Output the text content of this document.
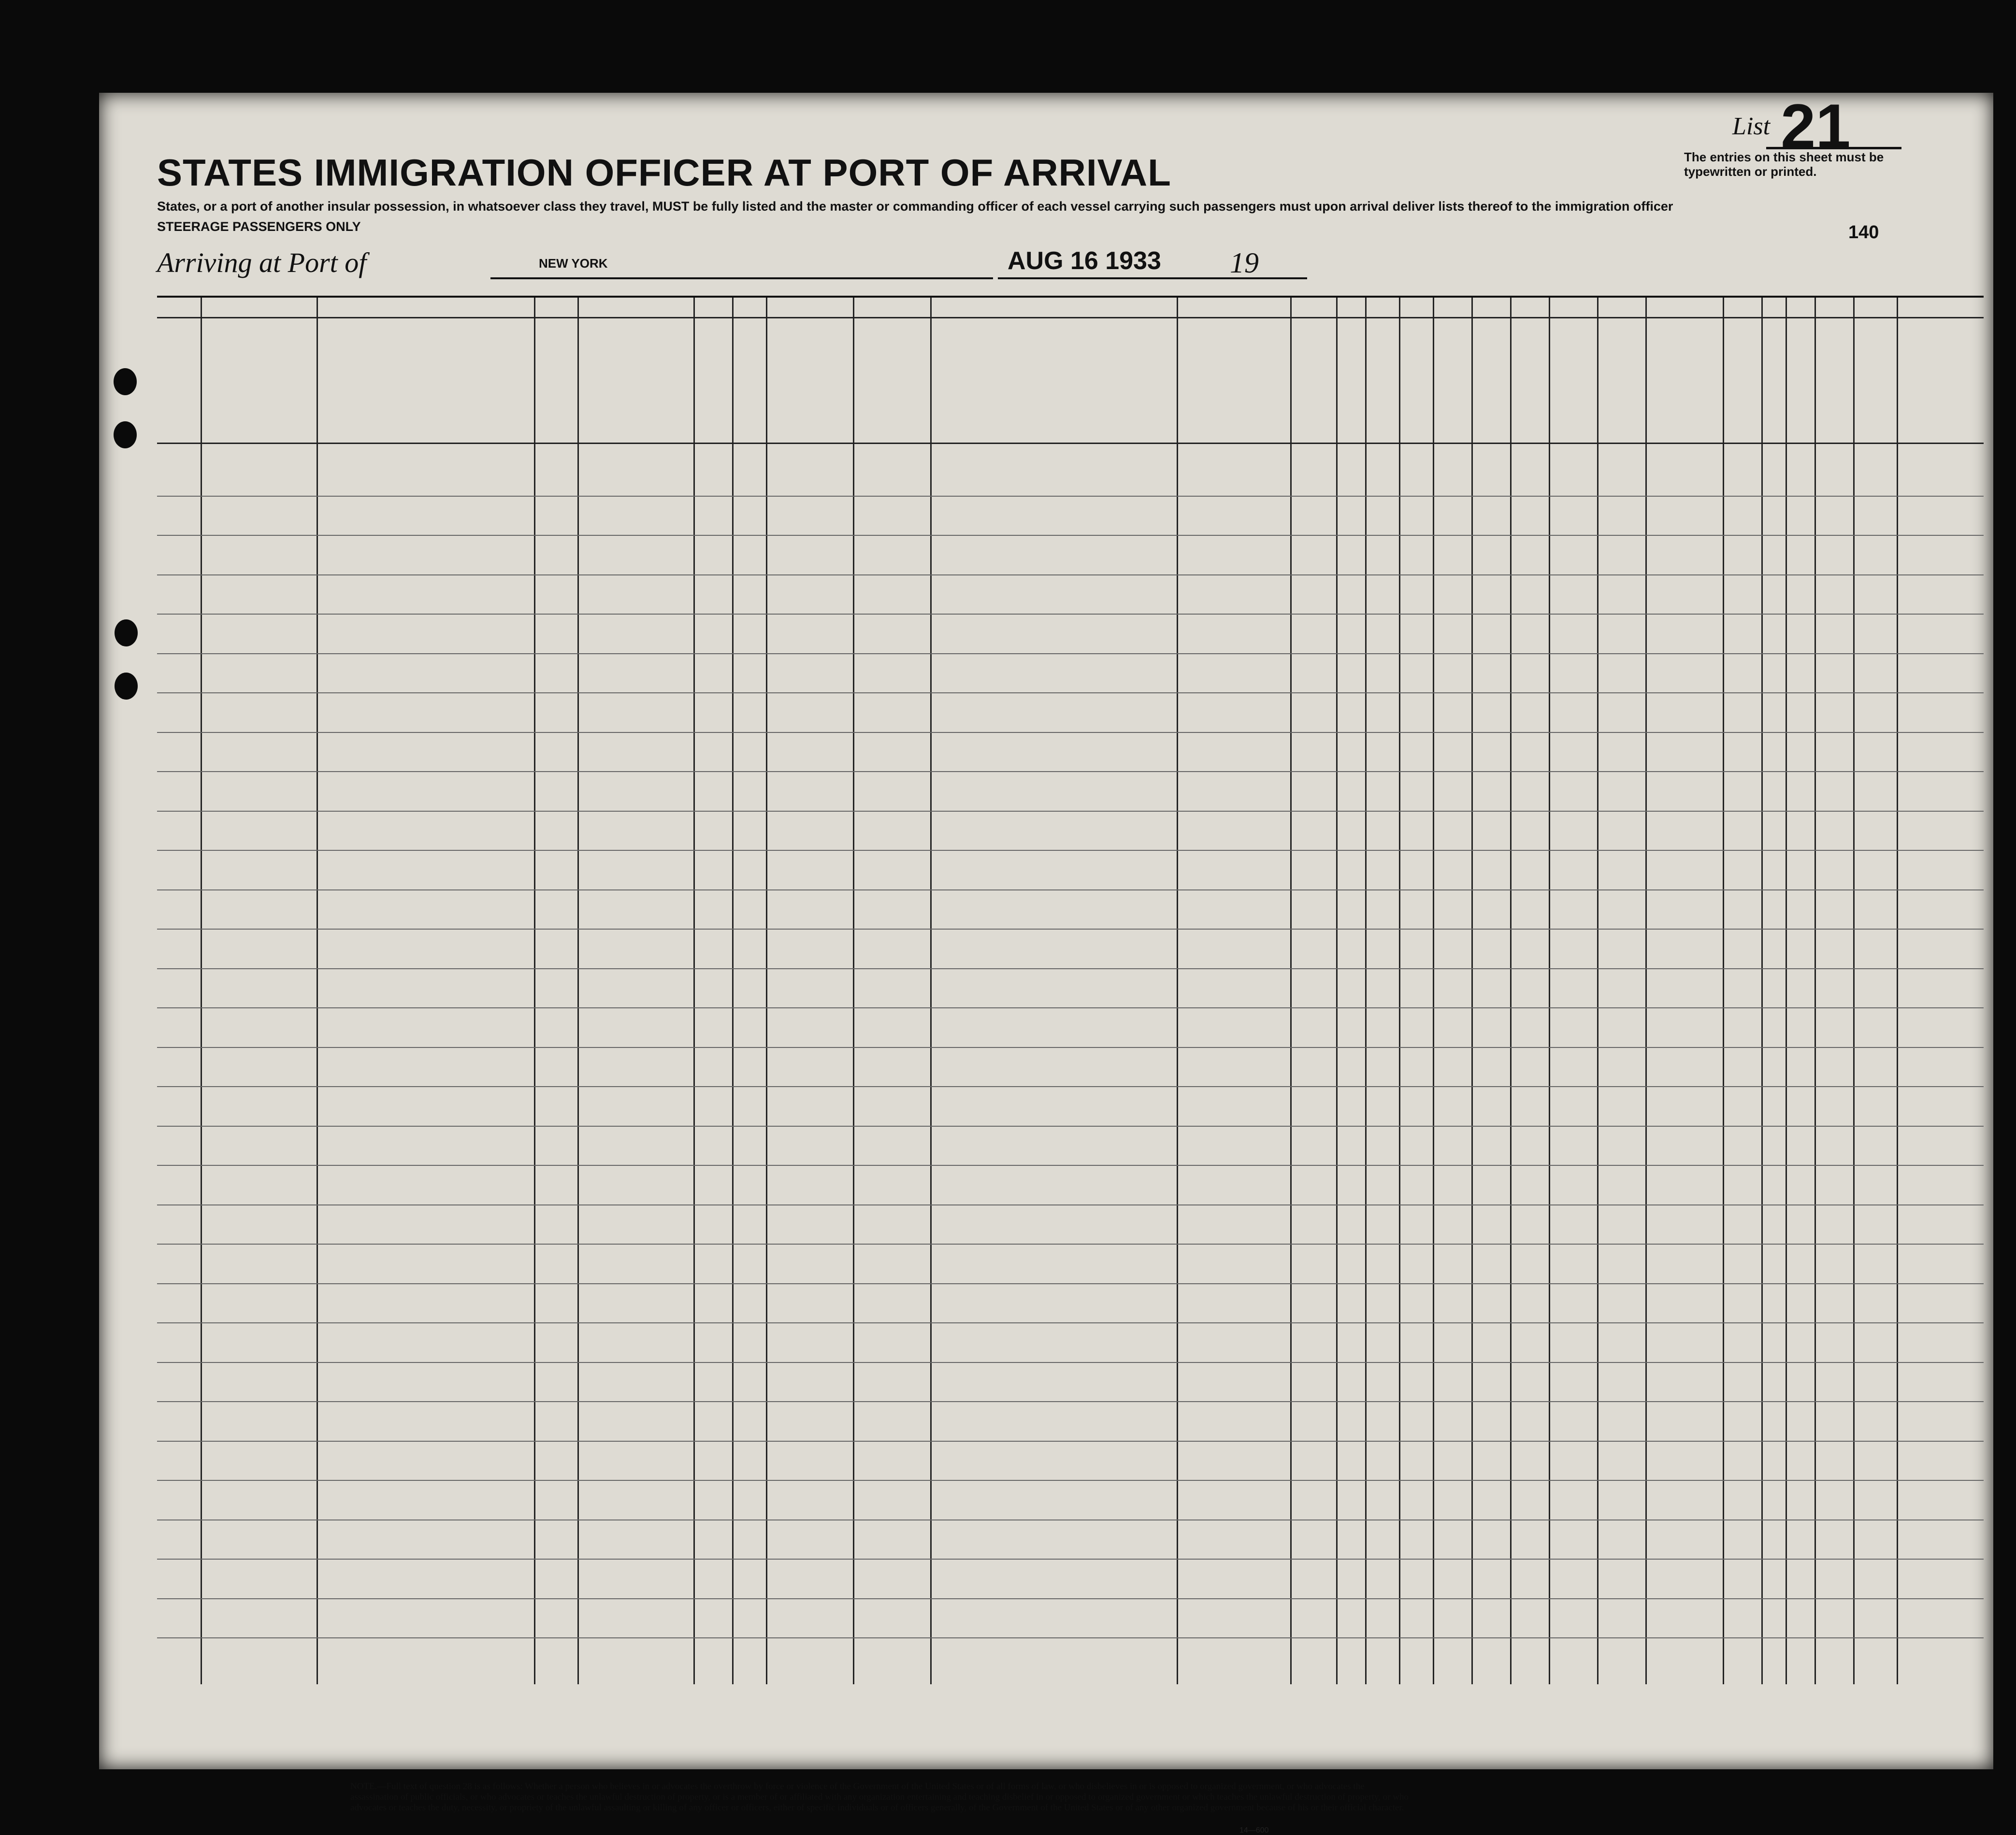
List 21
The entries on this sheet must be typewritten or printed.
STATES IMMIGRATION OFFICER AT PORT OF ARRIVAL
States, or a port of another insular possession, in whatsoever class they travel, MUST be fully listed and the master or commanding officer of each vessel carrying such passengers must upon arrival deliver lists thereof to the immigration officer
STEERAGE PASSENGERS ONLY	140
Arriving at Port of	NEW YORK	AUG 16 1933 19
NOTE.—Full text of question 28 is as follows: Whether a person who believes in or advocates the overthrow by force or violence of the Government of the United States or of all forms of law, or who disbelieves in or is opposed to organized government, or who advocates the assassination of public officials, or who advocates or teaches the unlawful destruction of property, or is a member of or affiliated with any organization entertaining and teaching disbelief in or opposed to organized government or which teaches the unlawful destruction of property, or who advocates or teaches the duty, necessity, or propriety of the unlawful assaulting or killing of any officer or officers, either of specific individuals or of officers generally, of the Government of the United States or of any other organized government because of his or their official character.
14—600
